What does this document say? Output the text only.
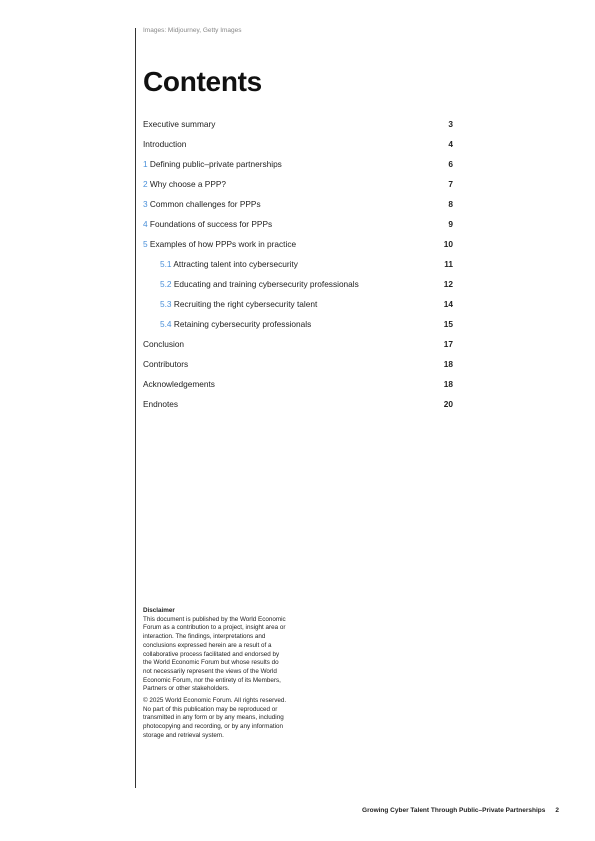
Images: Midjourney, Getty Images
Contents
Executive summary	3
Introduction	4
1 Defining public–private partnerships	6
2 Why choose a PPP?	7
3 Common challenges for PPPs	8
4 Foundations of success for PPPs	9
5 Examples of how PPPs work in practice	10
5.1 Attracting talent into cybersecurity	11
5.2 Educating and training cybersecurity professionals	12
5.3 Recruiting the right cybersecurity talent	14
5.4 Retaining cybersecurity professionals	15
Conclusion	17
Contributors	18
Acknowledgements	18
Endnotes	20

Disclaimer

This document is published by the World Economic Forum as a contribution to a project, insight area or interaction. The findings, interpretations and conclusions expressed herein are a result of a collaborative process facilitated and endorsed by the World Economic Forum but whose results do not necessarily represent the views of the World Economic Forum, nor the entirety of its Members, Partners or other stakeholders.

© 2025 World Economic Forum. All rights reserved. No part of this publication may be reproduced or transmitted in any form or by any means, including photocopying and recording, or by any information storage and retrieval system.

Growing Cyber Talent Through Public–Private Partnerships 2
